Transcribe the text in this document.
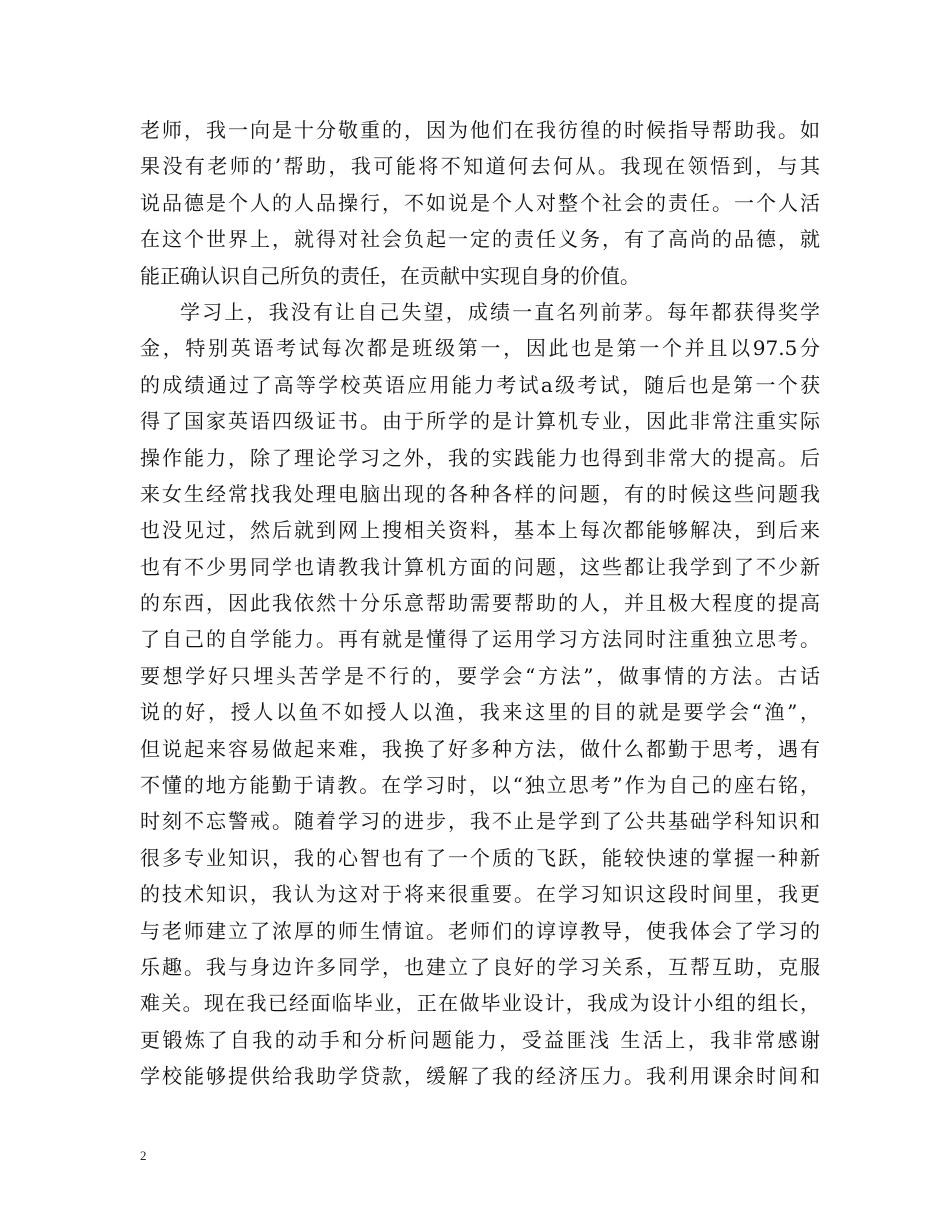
老师，我一向是十分敬重的，因为他们在我彷徨的时候指导帮助我。如
果没有老师的’帮助，我可能将不知道何去何从。我现在领悟到，与其
说品德是个人的人品操行，不如说是个人对整个社会的责任。一个人活
在这个世界上，就得对社会负起一定的责任义务，有了高尚的品德，就
能正确认识自己所负的责任，在贡献中实现自身的价值。
学习上，我没有让自己失望，成绩一直名列前茅。每年都获得奖学
金，特别英语考试每次都是班级第一，因此也是第一个并且以97.5分
的成绩通过了高等学校英语应用能力考试a级考试，随后也是第一个获
得了国家英语四级证书。由于所学的是计算机专业，因此非常注重实际
操作能力，除了理论学习之外，我的实践能力也得到非常大的提高。后
来女生经常找我处理电脑出现的各种各样的问题，有的时候这些问题我
也没见过，然后就到网上搜相关资料，基本上每次都能够解决，到后来
也有不少男同学也请教我计算机方面的问题，这些都让我学到了不少新
的东西，因此我依然十分乐意帮助需要帮助的人，并且极大程度的提高
了自己的自学能力。再有就是懂得了运用学习方法同时注重独立思考。
要想学好只埋头苦学是不行的，要学会“方法”，做事情的方法。古话
说的好，授人以鱼不如授人以渔，我来这里的目的就是要学会“渔”，
但说起来容易做起来难，我换了好多种方法，做什么都勤于思考，遇有
不懂的地方能勤于请教。在学习时，以“独立思考”作为自己的座右铭，
时刻不忘警戒。随着学习的进步，我不止是学到了公共基础学科知识和
很多专业知识，我的心智也有了一个质的飞跃，能较快速的掌握一种新
的技术知识，我认为这对于将来很重要。在学习知识这段时间里，我更
与老师建立了浓厚的师生情谊。老师们的谆谆教导，使我体会了学习的
乐趣。我与身边许多同学，也建立了良好的学习关系，互帮互助，克服
难关。现在我已经面临毕业，正在做毕业设计，我成为设计小组的组长，
更锻炼了自我的动手和分析问题能力，受益匪浅 生活上，我非常感谢
学校能够提供给我助学贷款，缓解了我的经济压力。我利用课余时间和
2
